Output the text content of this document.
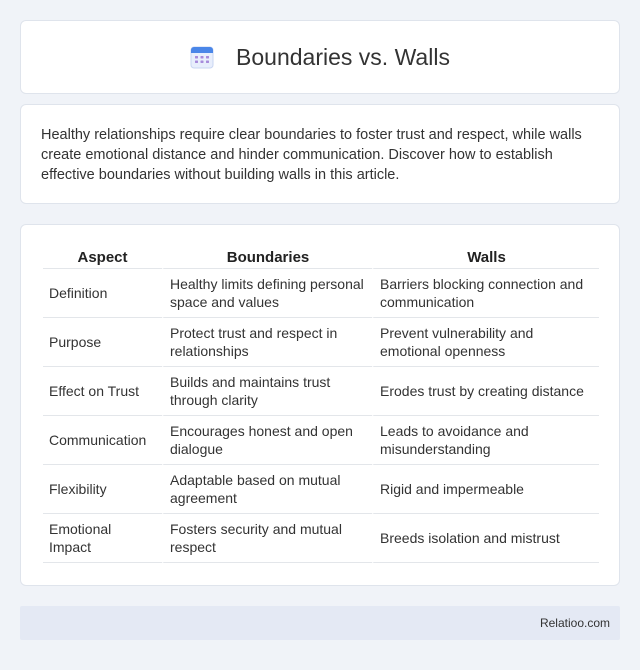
Boundaries vs. Walls

Healthy relationships require clear boundaries to foster trust and respect, while walls create emotional distance and hinder communication. Discover how to establish effective boundaries without building walls in this article.

Aspect	Boundaries	Walls
Definition	Healthy limits defining personal space and values	Barriers blocking connection and communication
Purpose	Protect trust and respect in relationships	Prevent vulnerability and emotional openness
Effect on Trust	Builds and maintains trust through clarity	Erodes trust by creating distance
Communication	Encourages honest and open dialogue	Leads to avoidance and misunderstanding
Flexibility	Adaptable based on mutual agreement	Rigid and impermeable
Emotional Impact	Fosters security and mutual respect	Breeds isolation and mistrust
Relatioo.com
